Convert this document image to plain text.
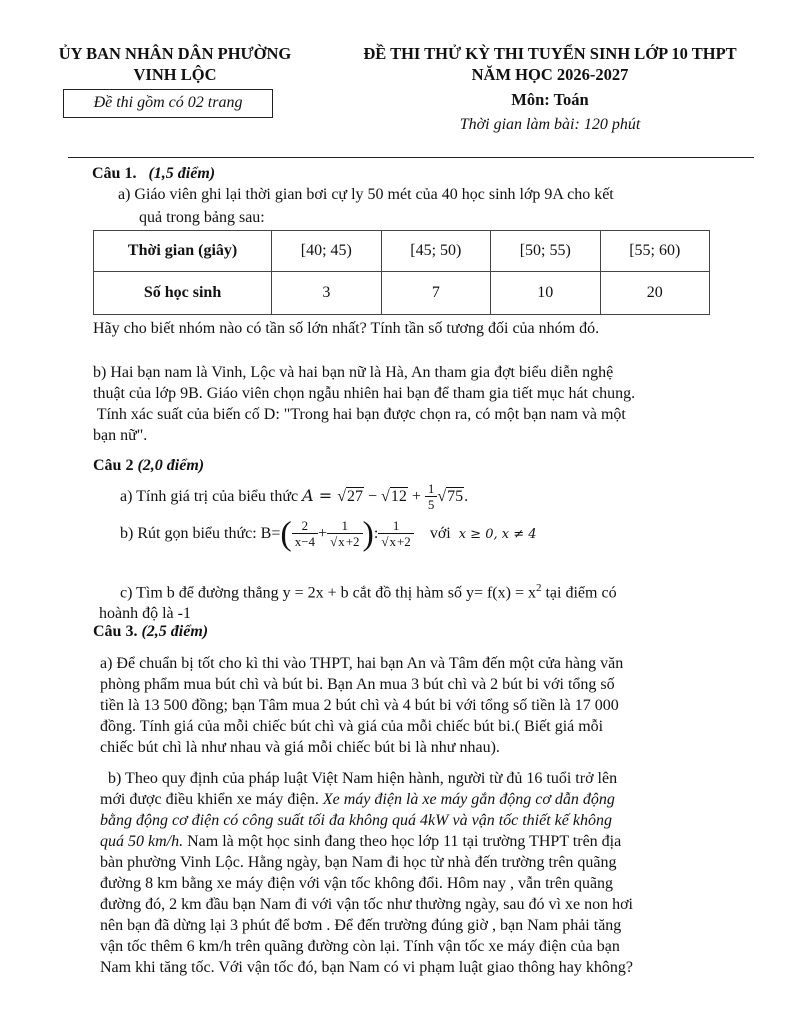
ỦY BAN NHÂN DÂN PHƯỜNG
VINH LỘC
Đề thi gồm có 02 trang
ĐỀ THI THỬ KỲ THI TUYỂN SINH LỚP 10 THPT
NĂM HỌC 2026-2027
Môn: Toán
Thời gian làm bài: 120 phút
Câu 1. (1,5 điểm)
a) Giáo viên ghi lại thời gian bơi cự ly 50 mét của 40 học sinh lớp 9A cho kết
quả trong bảng sau:
Thời gian (giây)	[40; 45)	[45; 50)	[50; 55)	[55; 60)
Số học sinh	3	7	10	20
Hãy cho biết nhóm nào có tần số lớn nhất? Tính tần số tương đối của nhóm đó.
b) Hai bạn nam là Vinh, Lộc và hai bạn nữ là Hà, An tham gia đợt biểu diễn nghệ
thuật của lớp 9B. Giáo viên chọn ngẫu nhiên hai bạn để tham gia tiết mục hát chung.
Tính xác suất của biến cố D: "Trong hai bạn được chọn ra, có một bạn nam và một
bạn nữ".
Câu 2 (2,0 điểm)
a) Tính giá trị của biểu thức $A = √27 - √12 + \frac{1}{5} √75$.
b) Rút gọn biểu thức: $B=( \frac{2}{x-4} + \frac{1}{√x+2}$ ): $\frac{1}{√x+2}$ với x ≥ 0, x ≠ 4
c) Tìm b để đường thẳng y = 2x + b cắt đồ thị hàm số $y= f(x) = x^2$ tại điểm có
hoành độ là -1
Câu 3. (2,5 điểm)
a) Để chuẩn bị tốt cho kì thi vào THPT, hai bạn An và Tâm đến một cửa hàng văn
phòng phẩm mua bút chì và bút bi. Bạn An mua 3 bút chì và 2 bút bi với tổng số
tiền là 13 500 đồng; bạn Tâm mua 2 bút chì và 4 bút bi với tổng số tiền là 17 000
đồng. Tính giá của mỗi chiếc bút chì và giá của mỗi chiếc bút bi.( Biết giá mỗi
chiếc bút chì là như nhau và giá mỗi chiếc bút bi là như nhau).
b) Theo quy định của pháp luật Việt Nam hiện hành, người từ đủ 16 tuổi trở lên
mới được điều khiển xe máy điện. Xe máy điện là xe máy gắn động cơ dẫn động
bằng động cơ điện có công suất tối đa không quá 4kW và vận tốc thiết kế không
quá 50 km/h. Nam là một học sinh đang theo học lớp 11 tại trường THPT trên địa
bàn phường Vinh Lộc. Hằng ngày, bạn Nam đi học từ nhà đến trường trên quãng
đường 8 km bằng xe máy điện với vận tốc không đổi. Hôm nay , vẫn trên quãng
đường đó, 2 km đầu bạn Nam đi với vận tốc như thường ngày, sau đó vì xe non hơi
nên bạn đã dừng lại 3 phút để bơm . Để đến trường đúng giờ , bạn Nam phải tăng
vận tốc thêm 6 km/h trên quãng đường còn lại. Tính vận tốc xe máy điện của bạn
Nam khi tăng tốc. Với vận tốc đó, bạn Nam có vi phạm luật giao thông hay không?
